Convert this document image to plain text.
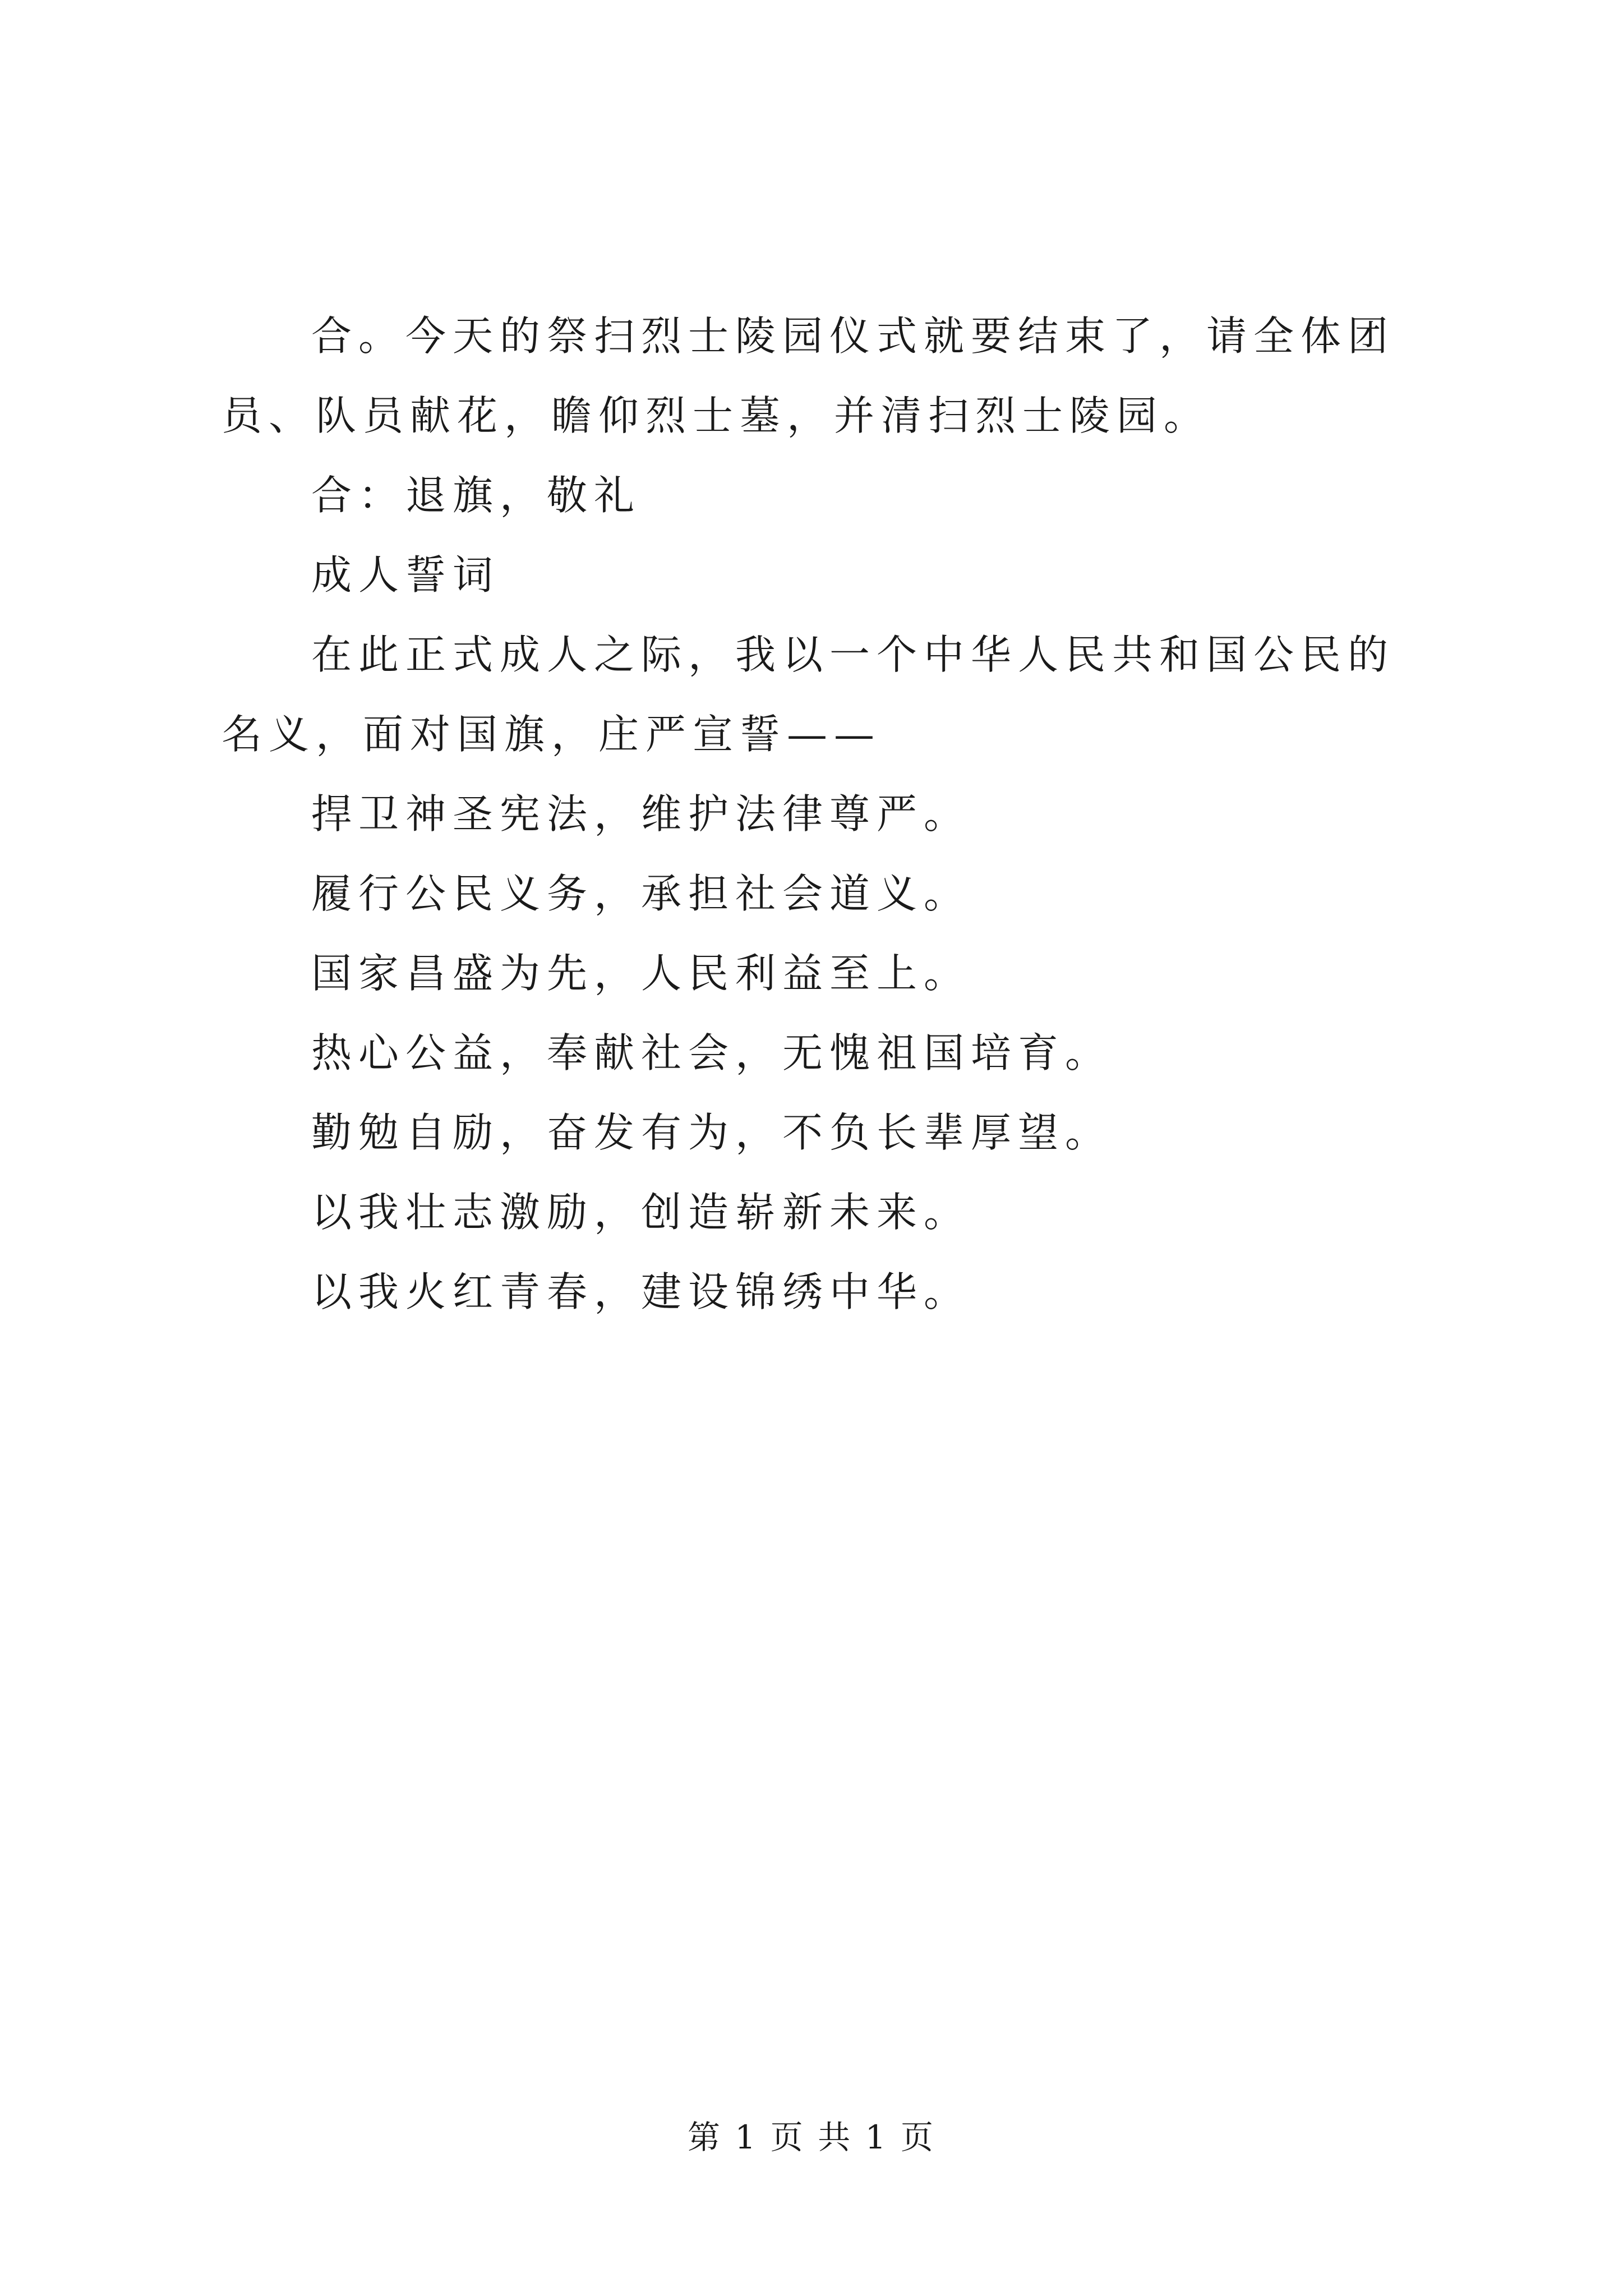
合。今天的祭扫烈士陵园仪式就要结束了，请全体团员、队员献花，瞻仰烈士墓，并清扫烈士陵园。

合：退旗，敬礼

成人誓词

在此正式成人之际，我以一个中华人民共和国公民的名义，面对国旗，庄严宣誓——

捍卫神圣宪法，维护法律尊严。

履行公民义务，承担社会道义。

国家昌盛为先，人民利益至上。

热心公益，奉献社会，无愧祖国培育。

勤勉自励，奋发有为，不负长辈厚望。

以我壮志激励，创造崭新未来。

以我火红青春，建设锦绣中华。

第 1 页 共 1 页
